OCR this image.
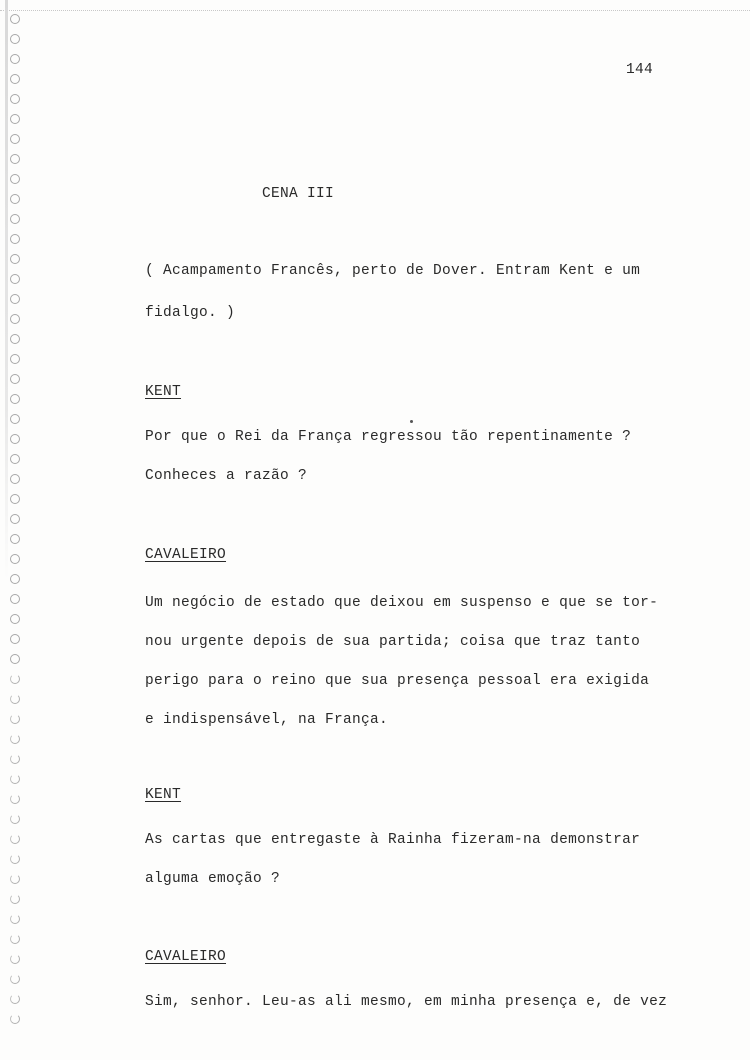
144
CENA III
( Acampamento Francês, perto de Dover. Entram Kent e um
fidalgo. )
KENT
Por que o Rei da França regressou tão repentinamente ?
Conheces a razão ?
CAVALEIRO
Um negócio de estado que deixou em suspenso e que se tor-
nou urgente depois de sua partida; coisa que traz tanto
perigo para o reino que sua presença pessoal era exigida
e indispensável, na França.
KENT
As cartas que entregaste à Rainha fizeram-na demonstrar
alguma emoção ?
CAVALEIRO
Sim, senhor. Leu-as ali mesmo, em minha presença e, de vez
